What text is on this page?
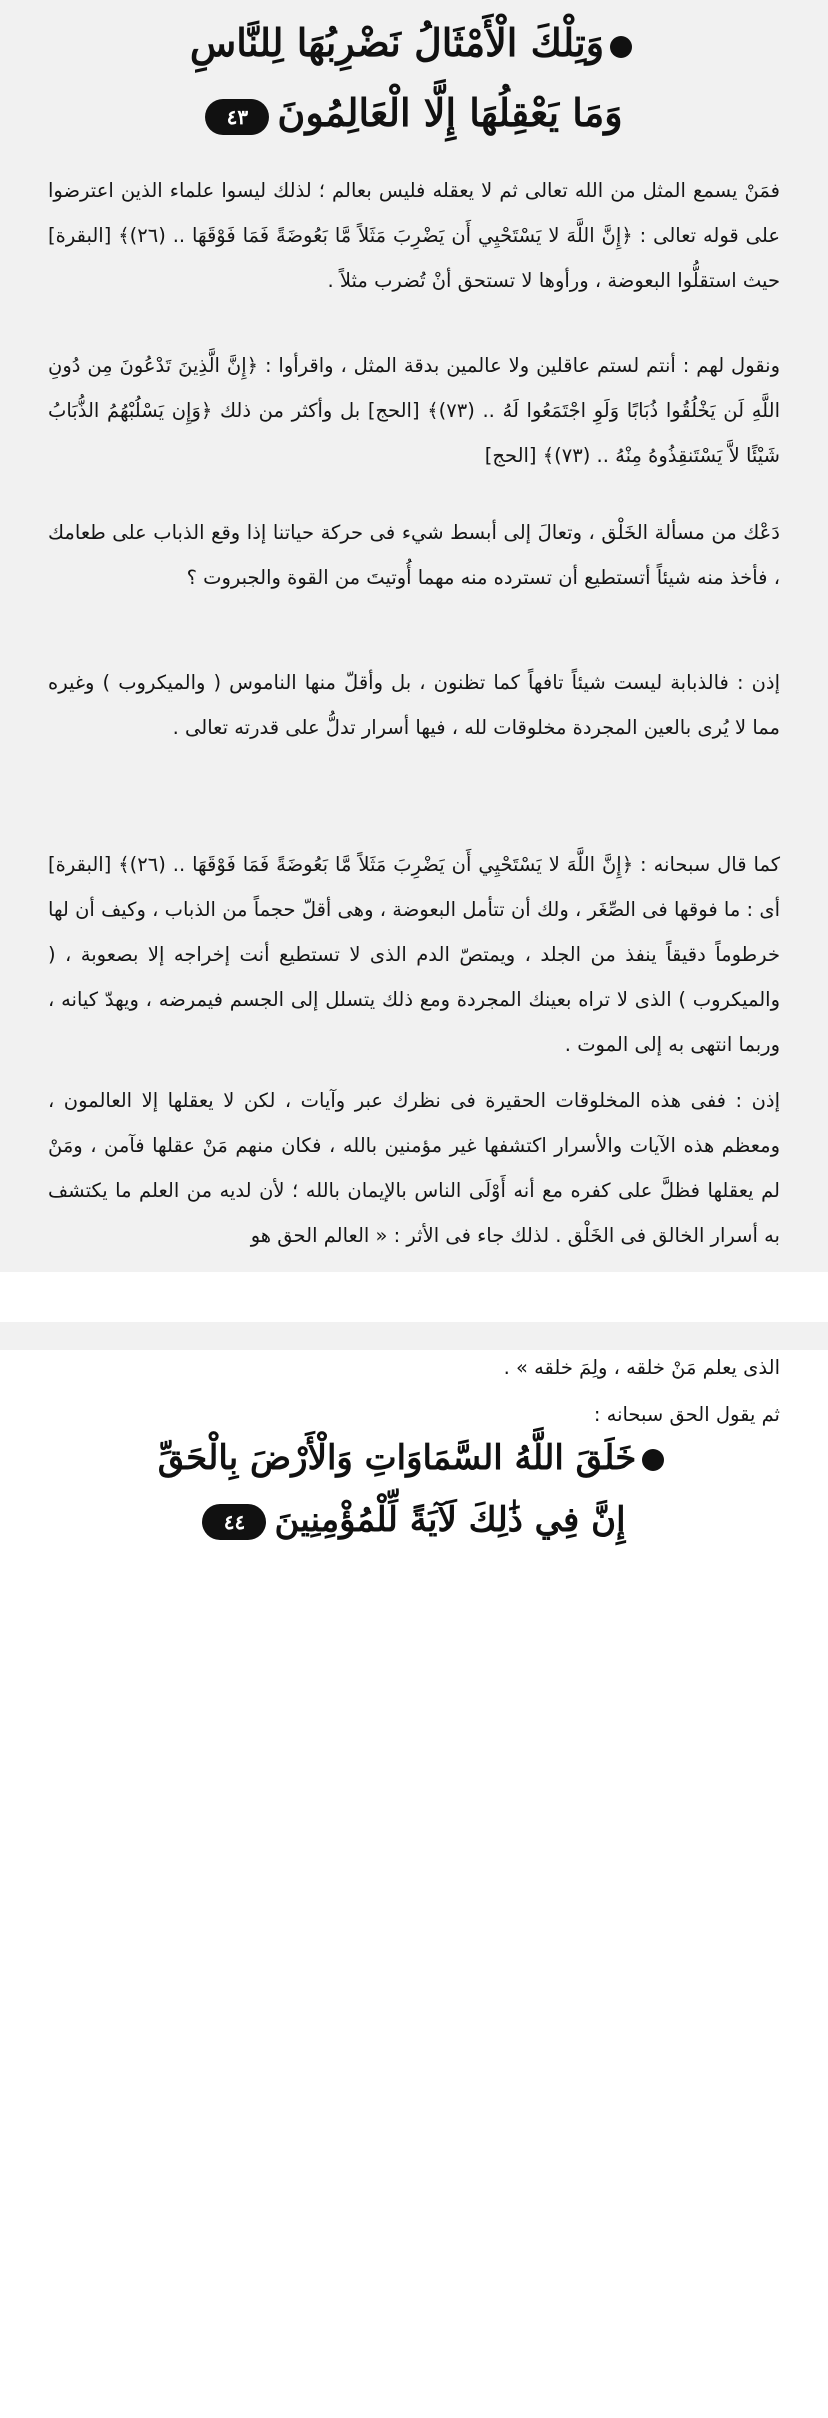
وَتِلْكَ الْأَمْثَالُ نَضْرِبُهَا لِلنَّاسِ
وَمَا يَعْقِلُهَا إِلَّا الْعَالِمُونَ٤٣
فمَنْ يسمع المثل من الله تعالى ثم لا يعقله فليس بعالم ؛ لذلك ليسوا علماء الذين اعترضوا على قوله تعالى : ﴿إِنَّ اللَّهَ لا يَسْتَحْيِي أَن يَضْرِبَ مَثَلاً مَّا بَعُوضَةً فَمَا فَوْقَهَا .. (٢٦)﴾ [البقرة] حيث استقلُّوا البعوضة ، ورأوها لا تستحق أنْ تُضرب مثلاً .
ونقول لهم : أنتم لستم عاقلين ولا عالمين بدقة المثل ، واقرأوا : ﴿إِنَّ الَّذِينَ تَدْعُونَ مِن دُونِ اللَّهِ لَن يَخْلُقُوا ذُبَابًا وَلَوِ اجْتَمَعُوا لَهُ .. (٧٣)﴾ [الحج] بل وأكثر من ذلك ﴿وَإِن يَسْلُبْهُمُ الذُّبَابُ شَيْئًا لاَّ يَسْتَنقِذُوهُ مِنْهُ .. (٧٣)﴾ [الحج]
دَعْك من مسألة الخَلْق ، وتعالَ إلى أبسط شيء فى حركة حياتنا إذا وقع الذباب على طعامك ، فأخذ منه شيئاً أتستطيع أن تسترده منه مهما أُوتيتَ من القوة والجبروت ؟
إذن : فالذبابة ليست شيئاً تافهاً كما تظنون ، بل وأقلّ منها الناموس ( والميكروب ) وغيره مما لا يُرى بالعين المجردة مخلوقات لله ، فيها أسرار تدلُّ على قدرته تعالى .
كما قال سبحانه : ﴿إِنَّ اللَّهَ لا يَسْتَحْيِي أَن يَضْرِبَ مَثَلاً مَّا بَعُوضَةً فَمَا فَوْقَهَا .. (٢٦)﴾ [البقرة] أى : ما فوقها فى الصِّغَر ، ولك أن تتأمل البعوضة ، وهى أقلّ حجماً من الذباب ، وكيف أن لها خرطوماً دقيقاً ينفذ من الجلد ، ويمتصّ الدم الذى لا تستطيع أنت إخراجه إلا بصعوبة ، ( والميكروب ) الذى لا تراه بعينك المجردة ومع ذلك يتسلل إلى الجسم فيمرضه ، ويهدّ كيانه ، وربما انتهى به إلى الموت .
إذن : ففى هذه المخلوقات الحقيرة فى نظرك عبر وآيات ، لكن لا يعقلها إلا العالمون ، ومعظم هذه الآيات والأسرار اكتشفها غير مؤمنين بالله ، فكان منهم مَنْ عقلها فآمن ، ومَنْ لم يعقلها فظلَّ على كفره مع أنه أَوْلَى الناس بالإيمان بالله ؛ لأن لديه من العلم ما يكتشف به أسرار الخالق فى الخَلْق . لذلك جاء فى الأثر : « العالم الحق هو
الذى يعلم مَنْ خلقه ، ولِمَ خلقه » .
ثم يقول الحق سبحانه :
خَلَقَ اللَّهُ السَّمَاوَاتِ وَالْأَرْضَ بِالْحَقِّ
إِنَّ فِي ذَٰلِكَ لَآيَةً لِّلْمُؤْمِنِينَ٤٤
